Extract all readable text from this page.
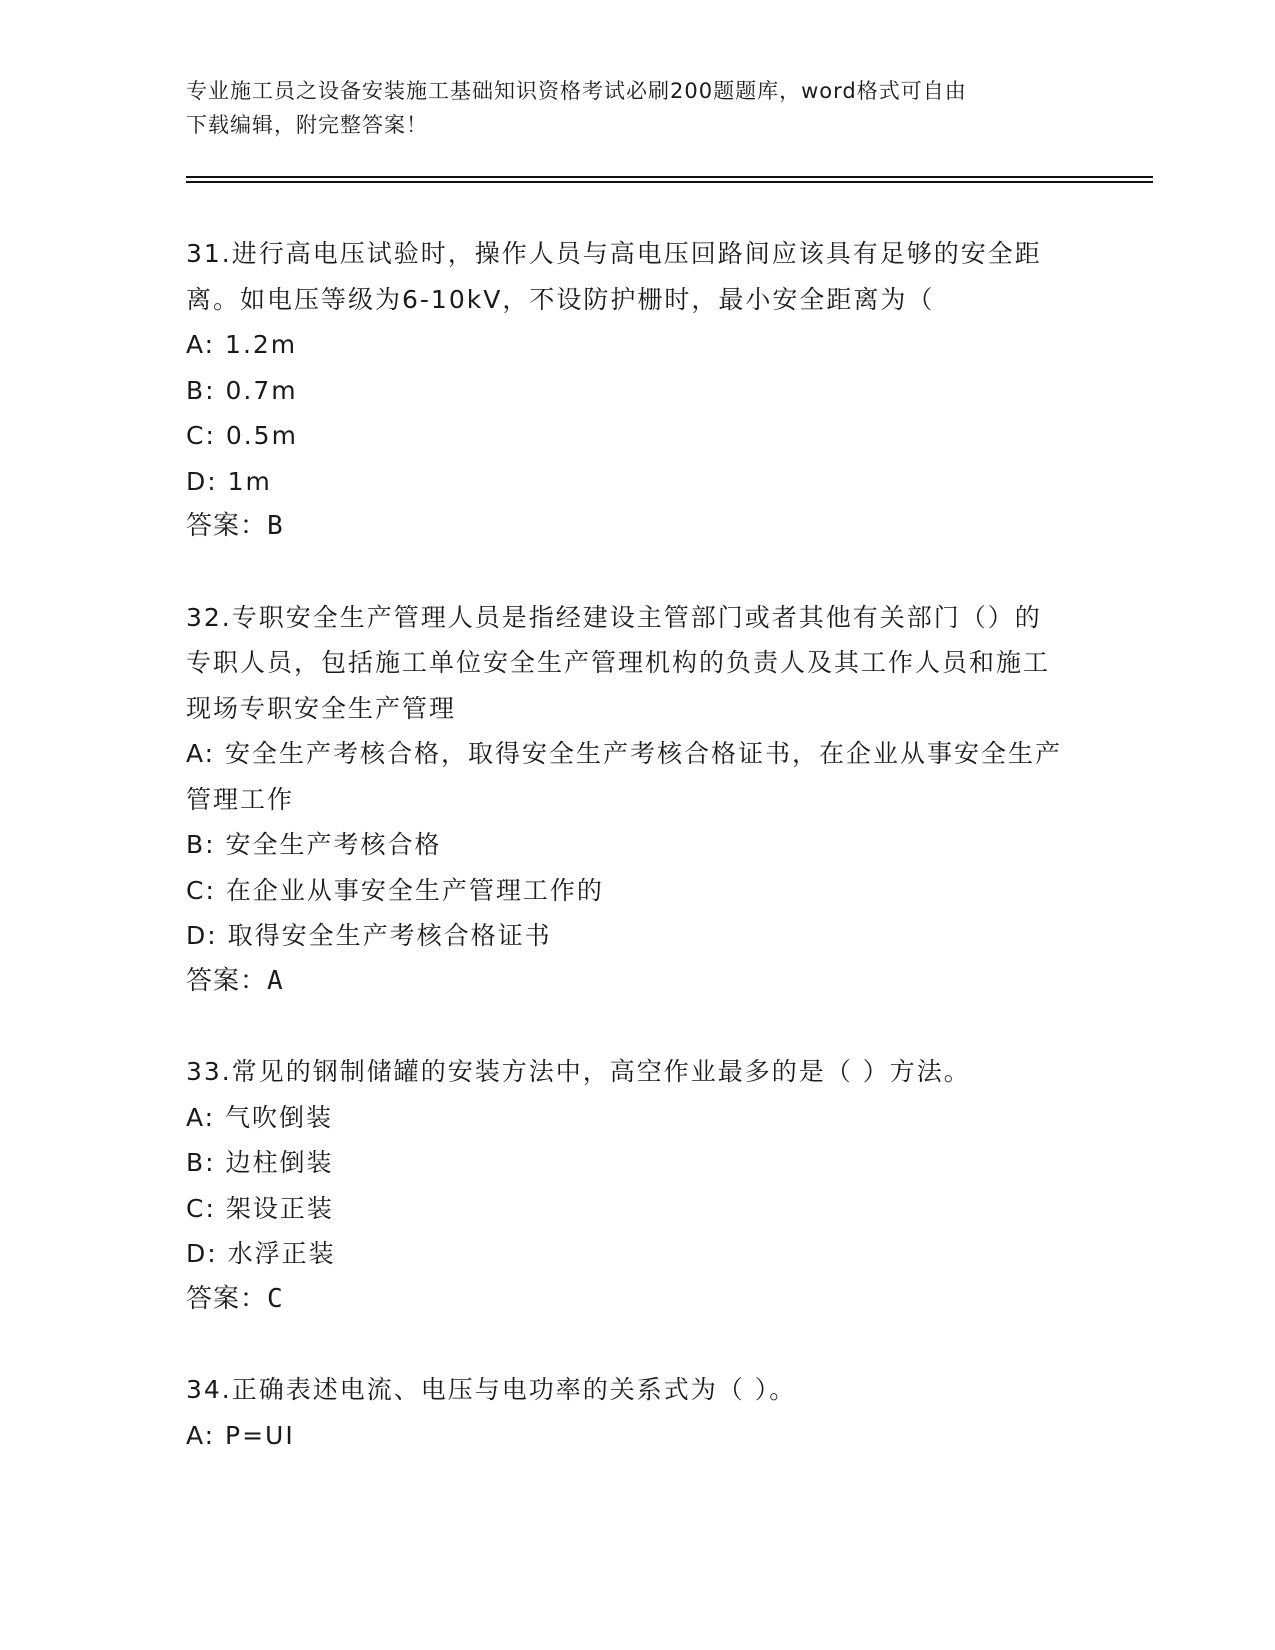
专业施工员之设备安装施工基础知识资格考试必刷200题题库，word格式可自由
下载编辑，附完整答案！
31.进行高电压试验时，操作人员与高电压回路间应该具有足够的安全距离。如电压等级为6-10kV，不设防护栅时，最小安全距离为（
A: 1.2m
B: 0.7m
C: 0.5m
D: 1m
答案：B
32.专职安全生产管理人员是指经建设主管部门或者其他有关部门（）的专职人员，包括施工单位安全生产管理机构的负责人及其工作人员和施工现场专职安全生产管理
A: 安全生产考核合格，取得安全生产考核合格证书，在企业从事安全生产管理工作
B: 安全生产考核合格
C: 在企业从事安全生产管理工作的
D: 取得安全生产考核合格证书
答案：A
33.常见的钢制储罐的安装方法中，高空作业最多的是（ ）方法。
A: 气吹倒装
B: 边柱倒装
C: 架设正装
D: 水浮正装
答案：C
34.正确表述电流、电压与电功率的关系式为（ ）。
A: P=UI
